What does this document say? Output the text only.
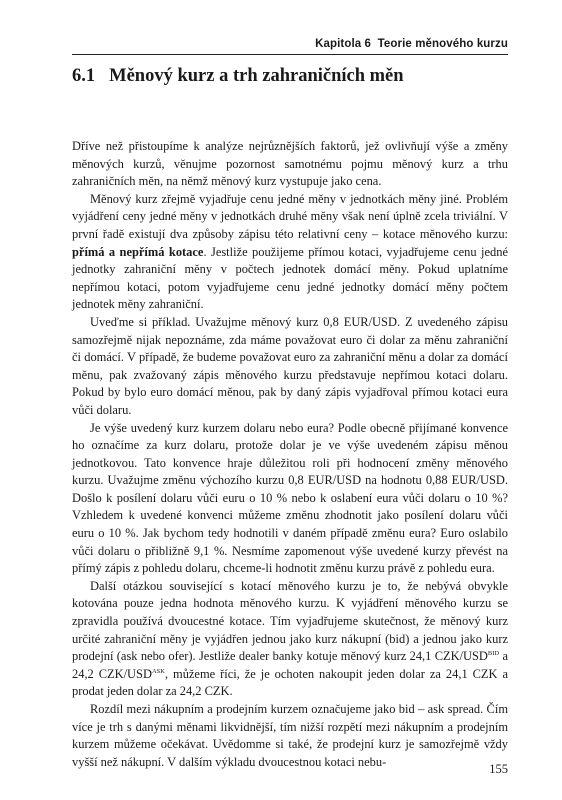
Kapitola 6 Teorie měnového kurzu
6.1 Měnový kurz a trh zahraničních měn

Dříve než přistoupíme k analýze nejrůznějších faktorů, jež ovlivňují výše a změny měnových kurzů, věnujme pozornost samotnému pojmu měnový kurz a trhu zahraničních měn, na němž měnový kurz vystupuje jako cena.

Měnový kurz zřejmě vyjadřuje cenu jedné měny v jednotkách měny jiné. Problém vyjádření ceny jedné měny v jednotkách druhé měny však není úplně zcela triviální. V první řadě existují dva způsoby zápisu této relativní ceny – kotace měnového kurzu: přímá a nepřímá kotace. Jestliže použijeme přímou kotaci, vyjadřujeme cenu jedné jednotky zahraniční měny v počtech jednotek domácí měny. Pokud uplatníme nepřímou kotaci, potom vyjadřujeme cenu jedné jednotky domácí měny počtem jednotek měny zahraniční.

Uveďme si příklad. Uvažujme měnový kurz 0,8 EUR/USD. Z uvedeného zápisu samozřejmě nijak nepoznáme, zda máme považovat euro či dolar za měnu zahraniční či domácí. V případě, že budeme považovat euro za zahraniční měnu a dolar za domácí měnu, pak zvažovaný zápis měnového kurzu představuje nepřímou kotaci dolaru. Pokud by bylo euro domácí měnou, pak by daný zápis vyjadřoval přímou kotaci eura vůči dolaru.

Je výše uvedený kurz kurzem dolaru nebo eura? Podle obecně přijímané konvence ho označíme za kurz dolaru, protože dolar je ve výše uvedeném zápisu měnou jednotkovou. Tato konvence hraje důležitou roli při hodnocení změny měnového kurzu. Uvažujme změnu výchozího kurzu 0,8 EUR/USD na hodnotu 0,88 EUR/USD. Došlo k posílení dolaru vůči euru o 10 % nebo k oslabení eura vůči dolaru o 10 %? Vzhledem k uvedené konvenci můžeme změnu zhodnotit jako posílení dolaru vůči euru o 10 %. Jak bychom tedy hodnotili v daném případě změnu eura? Euro oslabilo vůči dolaru o přibližně 9,1 %. Nesmíme zapomenout výše uvedené kurzy převést na přímý zápis z pohledu dolaru, chceme-li hodnotit změnu kurzu právě z pohledu eura.

Další otázkou související s kotací měnového kurzu je to, že nebývá obvykle kotována pouze jedna hodnota měnového kurzu. K vyjádření měnového kurzu se zpravidla používá dvoucestné kotace. Tím vyjadřujeme skutečnost, že měnový kurz určité zahraniční měny je vyjádřen jednou jako kurz nákupní (bid) a jednou jako kurz prodejní (ask nebo ofer). Jestliže dealer banky kotuje měnový kurz 24,1 CZK/$USD^{BID}$ a 24,2 CZK/$USD^{ASK}$, můžeme říci, že je ochoten nakoupit jeden dolar za 24,1 CZK a prodat jeden dolar za 24,2 CZK.

Rozdíl mezi nákupním a prodejním kurzem označujeme jako bid – ask spread. Čím více je trh s danými měnami likvidnější, tím nižší rozpětí mezi nákupním a prodejním kurzem můžeme očekávat. Uvědomme si také, že prodejní kurz je samozřejmě vždy vyšší než nákupní. V dalším výkladu dvoucestnou kotaci nebu-

155
